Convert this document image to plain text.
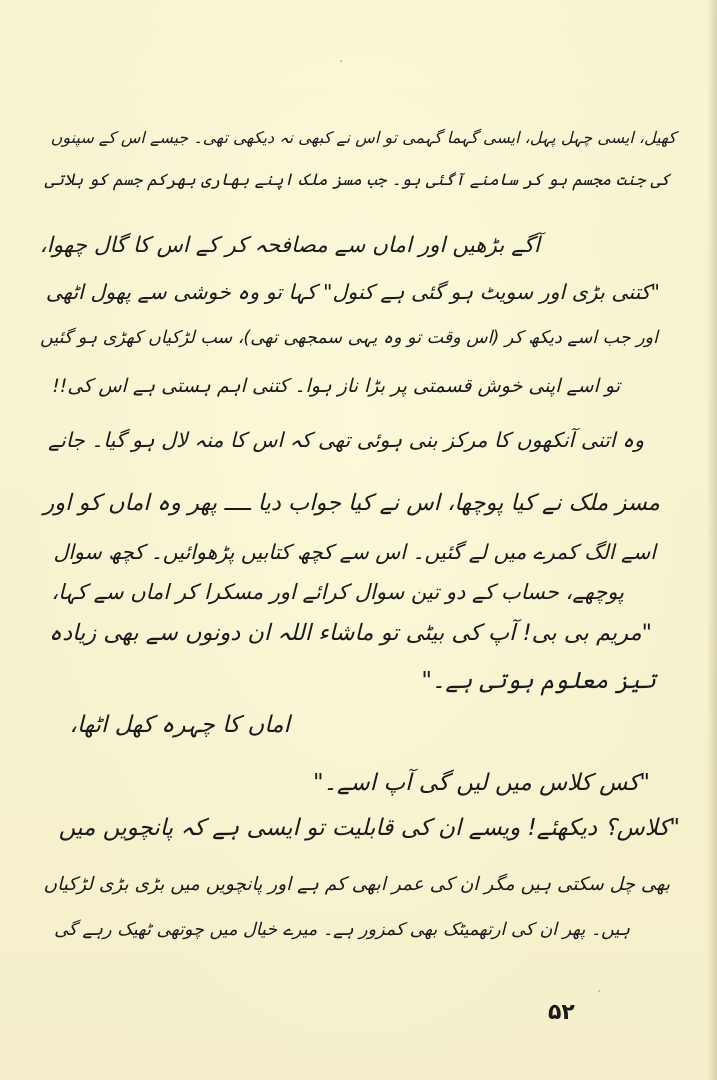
کھیل، ایسی چہل پہل، ایسی گہما گہمی تو اس نے کبھی نہ دیکھی تھی۔ جیسے اس کے سپنوں
کی جنت مجسم ہو کر سامنے آگئی ہو۔ جب مسز ملک اپنے بھاری بھرکم جسم کو ہلاتی
آگے بڑھیں اور اماں سے مصافحہ کر کے اس کا گال چھوا،
"کتنی بڑی اور سویٹ ہو گئی ہے کنول" کہا تو وہ خوشی سے پھول اٹھی
اور جب اسے دیکھ کر (اس وقت تو وہ یہی سمجھی تھی)، سب لڑکیاں کھڑی ہو گئیں
تو اسے اپنی خوش قسمتی پر بڑا ناز ہوا۔ کتنی اہم ہستی ہے اس کی!!
وہ اتنی آنکھوں کا مرکز بنی ہوئی تھی کہ اس کا منہ لال ہو گیا۔ جانے
مسز ملک نے کیا پوچھا، اس نے کیا جواب دیا ــــ پھر وہ اماں کو اور
اسے الگ کمرے میں لے گئیں۔ اس سے کچھ کتابیں پڑھوائیں۔ کچھ سوال
پوچھے، حساب کے دو تین سوال کرائے اور مسکرا کر اماں سے کہا،
"مریم بی بی! آپ کی بیٹی تو ماشاء اللہ ان دونوں سے بھی زیادہ
تیز معلوم ہوتی ہے۔"
اماں کا چہرہ کھل اٹھا،
"کس کلاس میں لیں گی آپ اسے۔"
"کلاس؟ دیکھئے! ویسے ان کی قابلیت تو ایسی ہے کہ پانچویں میں
بھی چل سکتی ہیں مگر ان کی عمر ابھی کم ہے اور پانچویں میں بڑی بڑی لڑکیاں
ہیں۔ پھر ان کی ارتھمیٹک بھی کمزور ہے۔ میرے خیال میں چوتھی ٹھیک رہے گی
۵۲
